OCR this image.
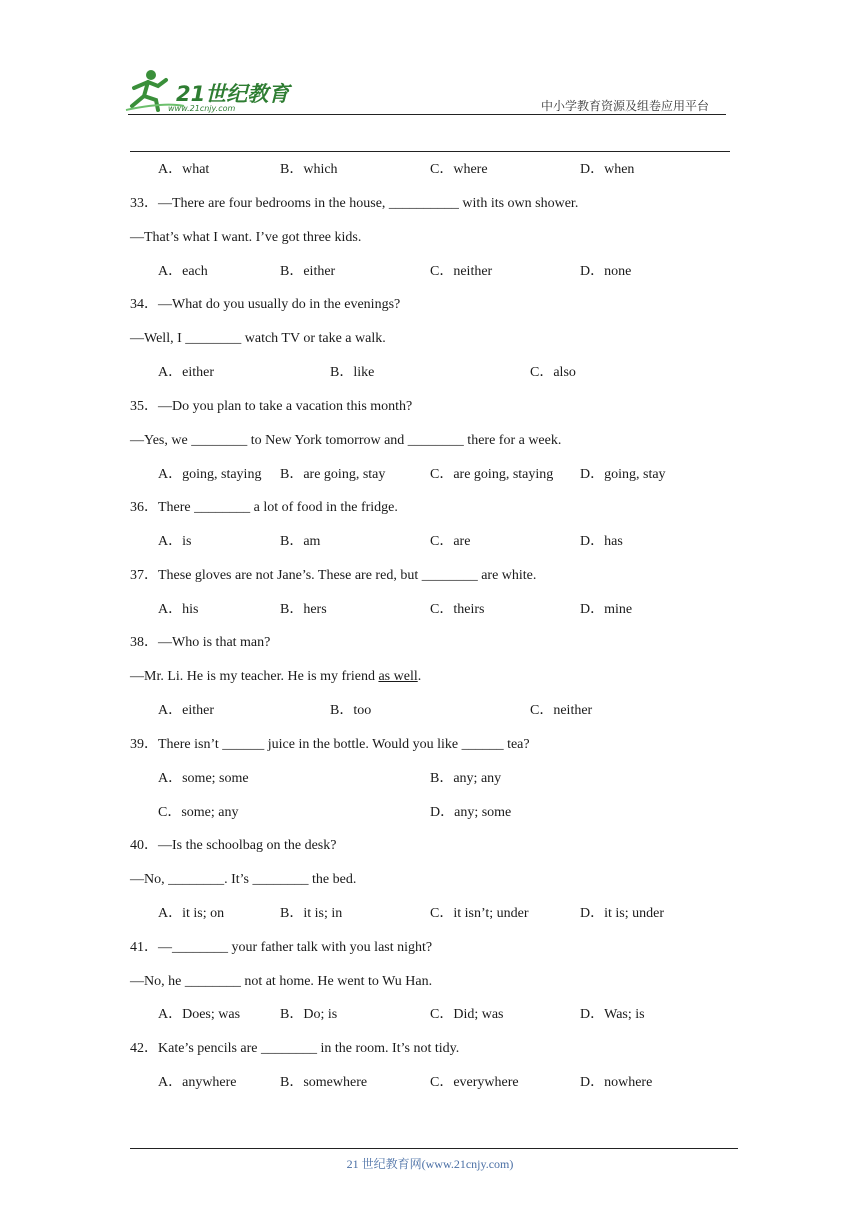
21世纪教育
www.21cnjy.com	中小学教育资源及组卷应用平台
A．what	B．which	C．where	D．when
33．—There are four bedrooms in the house, __________ with its own shower.
—That’s what I want. I’ve got three kids.
A．each	B．either	C．neither	D．none
34．—What do you usually do in the evenings?
—Well, I ________ watch TV or take a walk.
A．either	B．like	C．also
35．—Do you plan to take a vacation this month?
—Yes, we ________ to New York tomorrow and ________ there for a week.
A．going, staying B．are going, stay	C．are going, staying D．going, stay
36．There ________ a lot of food in the fridge.
A．is	B．am	C．are	D．has
37．These gloves are not Jane’s. These are red, but ________ are white.
A．his	B．hers	C．theirs	D．mine
38．—Who is that man?
—Mr. Li. He is my teacher. He is my friend as well.
A．either	B．too	C．neither
39．There isn’t ______ juice in the bottle. Would you like ______ tea?
A．some; some	B．any; any
C．some; any	D．any; some
40．—Is the schoolbag on the desk?
—No, ________. It’s ________ the bed.
A．it is; on	B．it is; in	C．it isn’t; under	D．it is; under
41．—________ your father talk with you last night?
—No, he ________ not at home. He went to Wu Han.
A．Does; was	B．Do; is	C．Did; was	D．Was; is
42．Kate’s pencils are ________ in the room. It’s not tidy.
A．anywhere	B．somewhere	C．everywhere	D．nowhere
21 世纪教育网(www.21cnjy.com)
